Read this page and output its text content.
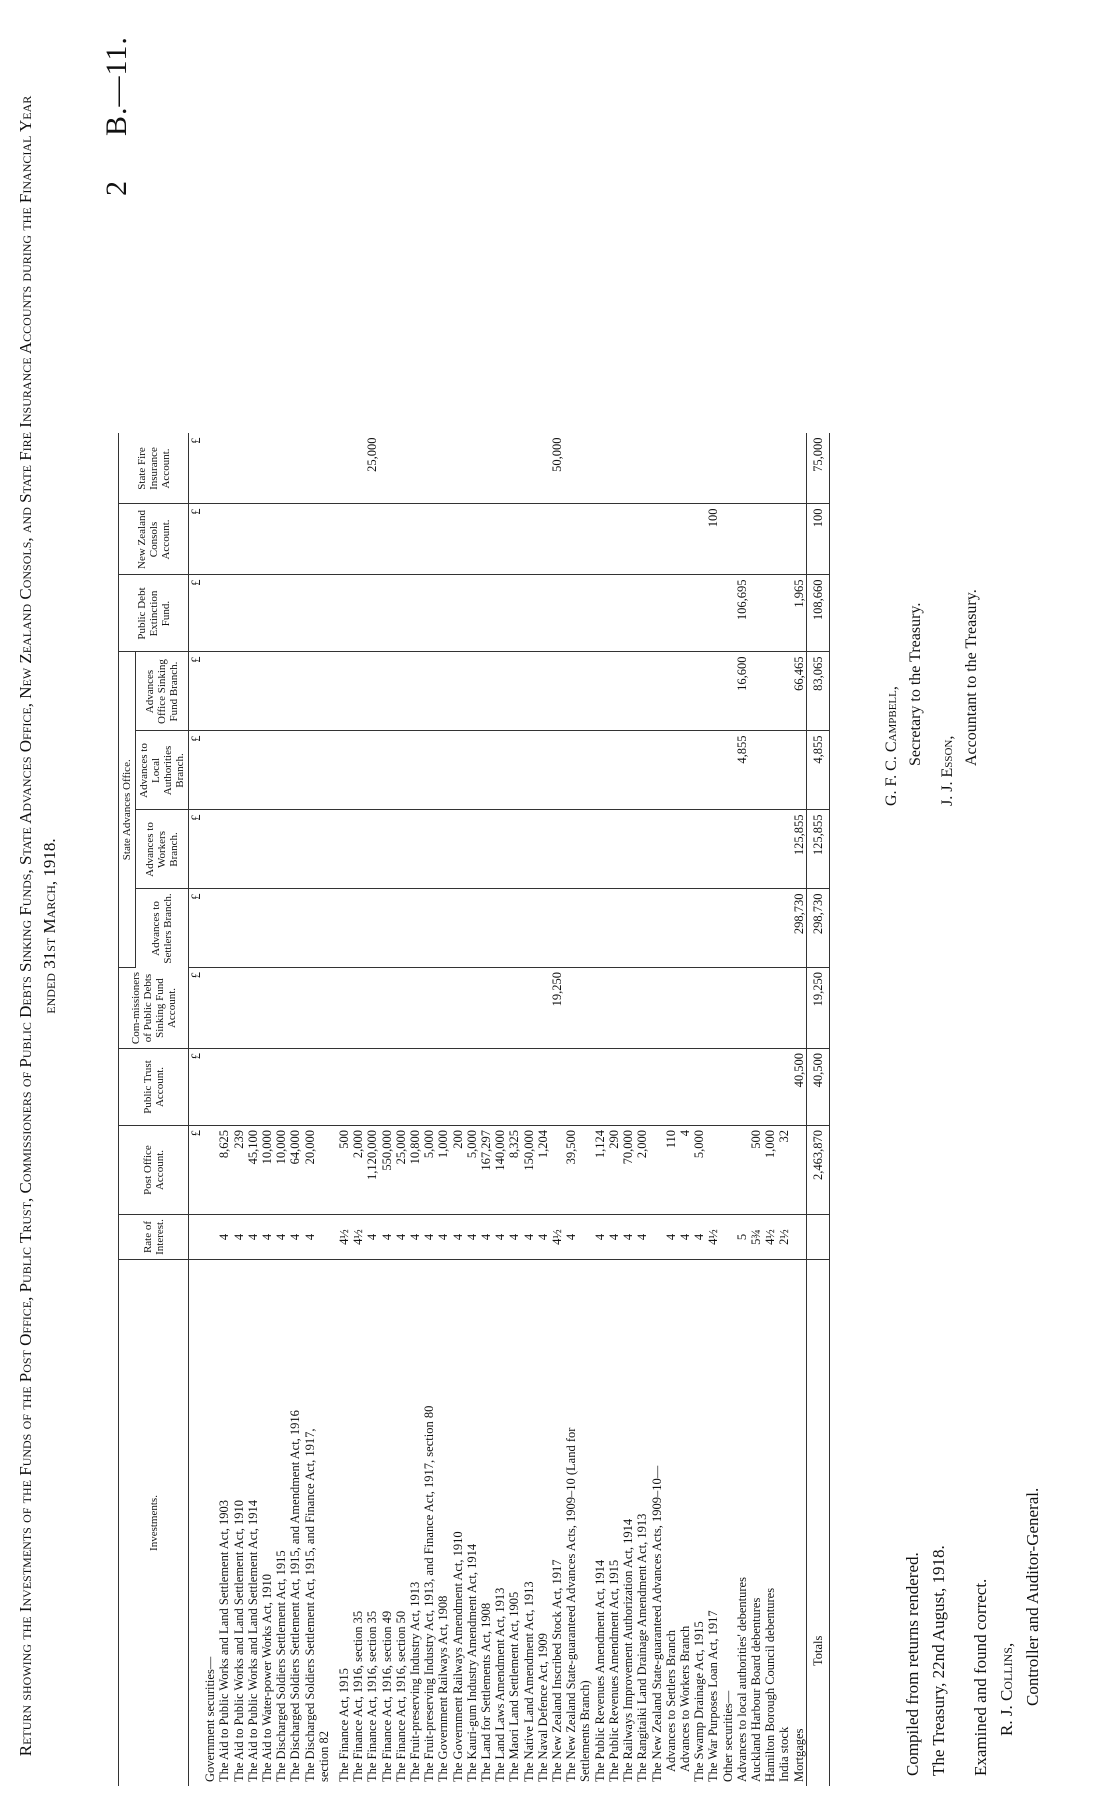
Return showing the Investments of the Funds of the Post Office, Public Trust, Commissioners of Public Debts Sinking Funds, State Advances Office, New Zealand Consols, and State Fire Insurance Accounts during the Financial Year ended 31st March, 1918.
B.—11.
2
Investments.	Rate of Interest.	Post Office Account.	Public Trust Account.	Com-missioners of Public Debts Sinking Fund Account.	State Advances Office.				Public Debt Extinction Fund.	New Zealand Consols Account.	State Fire Insurance Account.
					Advances to Settlers Branch.	Advances to Workers Branch.	Advances to Local Authorities Branch.	Advances Office Sinking Fund Branch.			
		£	£	£	£	£	£	£	£	£	£
Government securities—											
The Aid to Public Works and Land Settlement Act, 1903	4	8,625									
The Aid to Public Works and Land Settlement Act, 1910	4	239									
The Aid to Public Works and Land Settlement Act, 1914	4	45,100									
The Aid to Water-power Works Act, 1910	4	10,000									
The Discharged Soldiers Settlement Act, 1915	4	10,000									
The Discharged Soldiers Settlement Act, 1915, and Amendment Act, 1916	4	64,000									
The Discharged Soldiers Settlement Act, 1915, and Finance Act, 1917,	4	20,000									
section 82											
The Finance Act, 1915	4½	500									
The Finance Act, 1916, section 35	4½	2,000									
The Finance Act, 1916, section 35	4	1,120,000									25,000
The Finance Act, 1916, section 49	4	550,000									
The Finance Act, 1916, section 50	4	25,000									
The Fruit-preserving Industry Act, 1913	4	10,800									
The Fruit-preserving Industry Act, 1913, and Finance Act, 1917, section 80	4	5,000									
The Government Railways Act, 1908	4	1,000									
The Government Railways Amendment Act, 1910	4	200									
The Kauri-gum Industry Amendment Act, 1914	4	5,000									
The Land for Settlements Act, 1908	4	167,297									
The Land Laws Amendment Act, 1913	4	140,000									
The Maori Land Settlement Act, 1905	4	8,325									
The Native Land Amendment Act, 1913	4	150,000									
The Naval Defence Act, 1909	4	1,204									
The New Zealand Inscribed Stock Act, 1917	4½			19,250							50,000
The New Zealand State-guaranteed Advances Acts, 1909–10 (Land for	4	39,500									
Settlements Branch)											
The Public Revenues Amendment Act, 1914	4	1,124									
The Public Revenues Amendment Act, 1915	4	290									
The Railways Improvement Authorization Act, 1914	4	70,000									
The Rangitaiki Land Drainage Amendment Act, 1913	4	2,000									
The New Zealand State-guaranteed Advances Acts, 1909–10—											
Advances to Settlers Branch	4	110									
Advances to Workers Branch	4	4									
The Swamp Drainage Act, 1915	4	5,000									
The War Purposes Loan Act, 1917	4½									100	
Other securities—											
Advances to local authorities' debentures	5						4,855	16,600	106,695		
Auckland Harbour Board debentures	5¾	500									
Hamilton Borough Council debentures	4½	1,000									
India stock	2½	32									
Mortgages			40,500		298,730	125,855		66,465	1,965		
Totals		2,463,870	40,500	19,250	298,730	125,855	4,855	83,065	108,660	100	75,000
Compiled from returns rendered. The Treasury, 22nd August, 1918. Examined and found correct. R. J. Collins, Controller and Auditor-General.
G. F. C. Campbell, Secretary to the Treasury.
J. J. Esson,
Accountant to the Treasury.
